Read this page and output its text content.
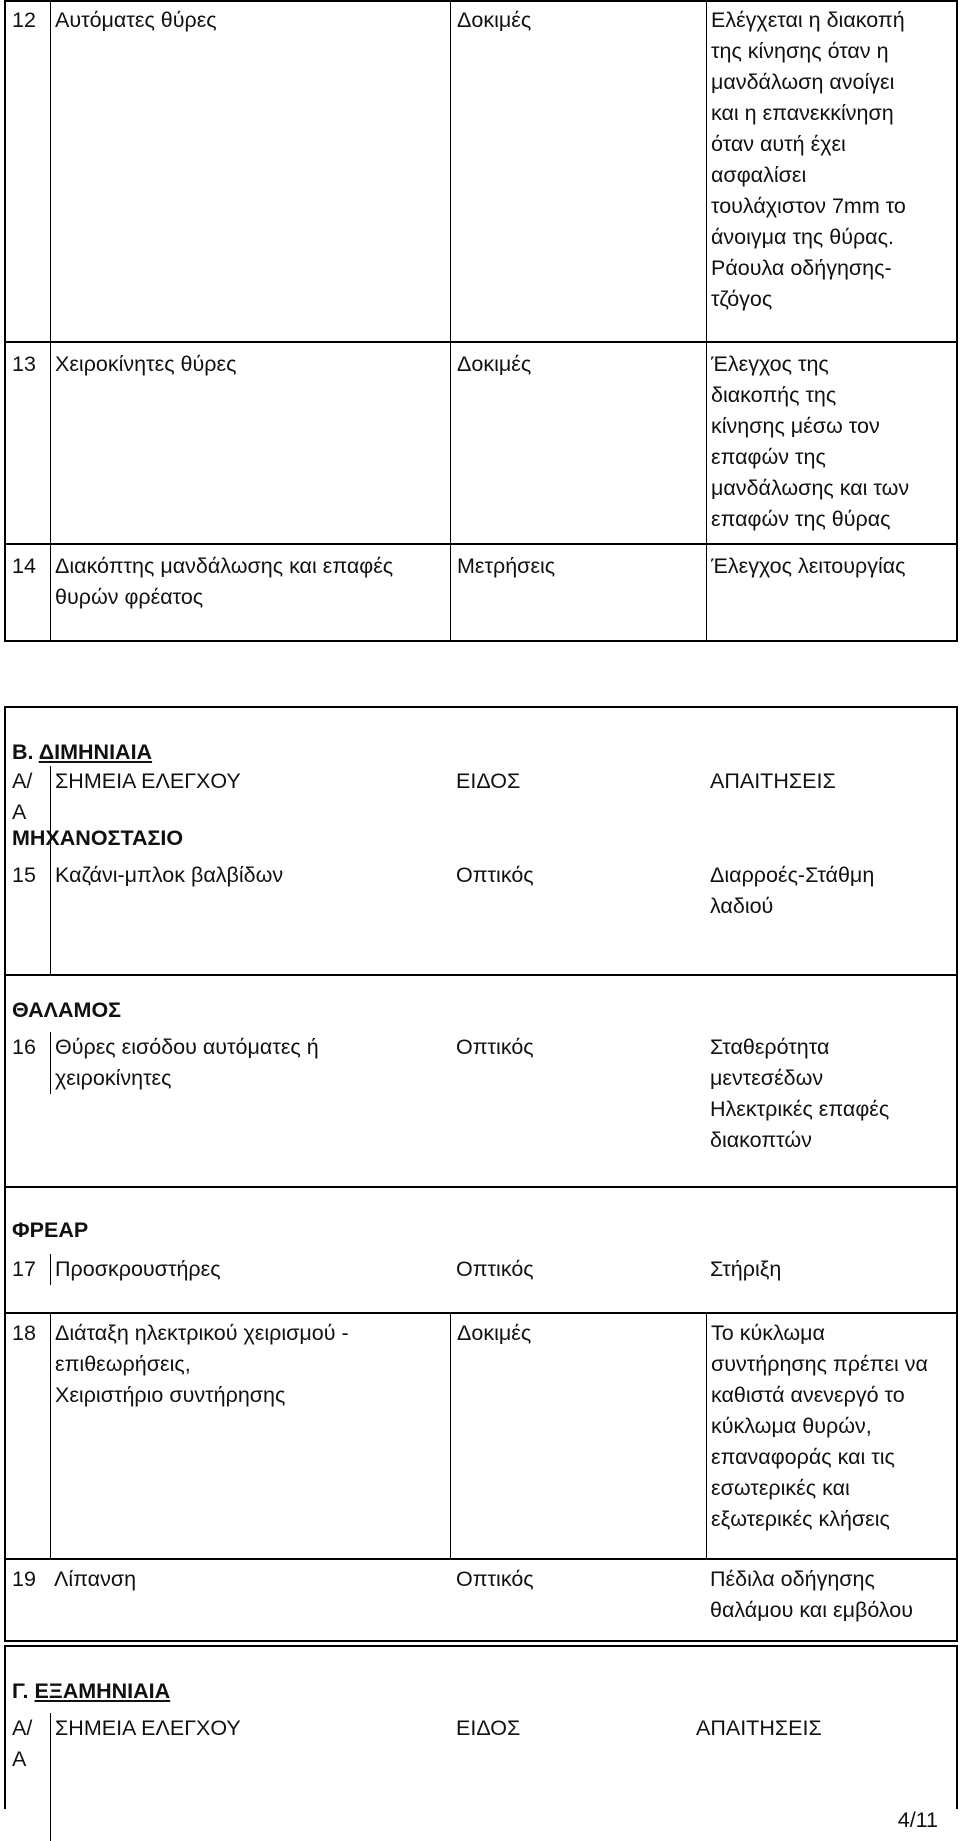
12 Αυτόματες θύρες	Δοκιμές	Ελέγχεται η διακοπή
της κίνησης όταν η
μανδάλωση ανοίγει
και η επανεκκίνηση
όταν αυτή έχει
ασφαλίσει
τουλάχιστον 7mm το
άνοιγμα της θύρας.
Ράουλα οδήγησης-
τζόγος
13 Χειροκίνητες θύρες	Δοκιμές	Έλεγχος της
διακοπής της
κίνησης μέσω τον
επαφών της
μανδάλωσης και των
επαφών της θύρας
14 Διακόπτης μανδάλωσης και επαφές
θυρών φρέατος
Μετρήσεις	Έλεγχος λειτουργίας
Β. ΔΙΜΗΝΙΑΙΑ
Α/
Α
ΣΗΜΕΙΑ ΕΛΕΓΧΟΥ	ΕΙΔΟΣ	ΑΠΑΙΤΗΣΕΙΣ
ΜΗΧΑΝΟΣΤΑΣΙΟ
15 Καζάνι-μπλοκ βαλβίδων	Οπτικός	Διαρροές-Στάθμη
λαδιού
ΘΑΛΑΜΟΣ
16 Θύρες εισόδου αυτόματες ή
χειροκίνητες
Οπτικός	Σταθερότητα
μεντεσέδων
Ηλεκτρικές επαφές
διακοπτών
ΦΡΕΑΡ
17 Προσκρουστήρες	Οπτικός	Στήριξη
18 Διάταξη ηλεκτρικού χειρισμού -
επιθεωρήσεις,
Χειριστήριο συντήρησης
Δοκιμές	Το κύκλωμα
συντήρησης πρέπει να
καθιστά ανενεργό το
κύκλωμα θυρών,
επαναφοράς και τις
εσωτερικές και
εξωτερικές κλήσεις
19 Λίπανση	Οπτικός	Πέδιλα οδήγησης
θαλάμου και εμβόλου
Γ. ΕΞΑΜΗΝΙΑΙΑ
Α/
Α
ΣΗΜΕΙΑ ΕΛΕΓΧΟΥ	ΕΙΔΟΣ	ΑΠΑΙΤΗΣΕΙΣ
4/11
